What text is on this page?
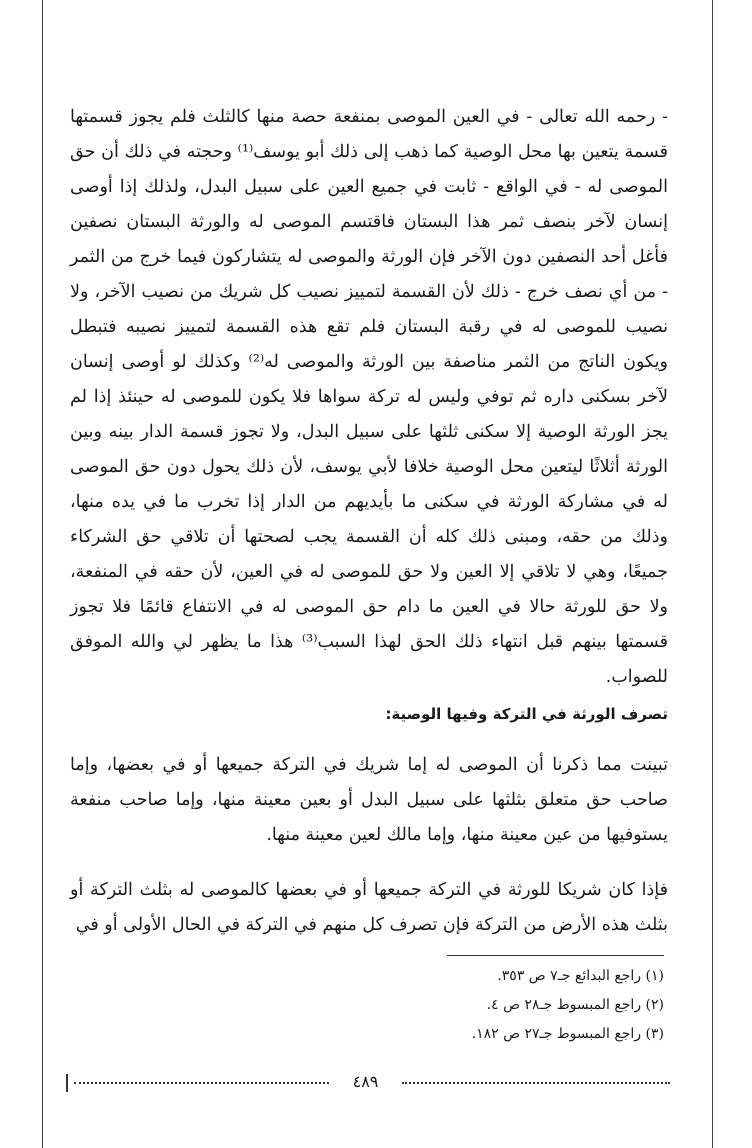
- رحمه الله تعالى - في العين الموصى بمنفعة حصة منها كالثلث فلم يجوز قسمتها قسمة يتعين بها محل الوصية كما ذهب إلى ذلك أبو يوسف⁽¹⁾ وحجته في ذلك أن حق الموصى له - في الواقع - ثابت في جميع العين على سبيل البدل، ولذلك إذا أوصى إنسان لآخر بنصف ثمر هذا البستان فاقتسم الموصى له والورثة البستان نصفين فأغل أحد النصفين دون الآخر فإن الورثة والموصى له يتشاركون فيما خرج من الثمر - من أي نصف خرج - ذلك لأن القسمة لتمييز نصيب كل شريك من نصيب الآخر، ولا نصيب للموصى له في رقبة البستان فلم تقع هذه القسمة لتمييز نصيبه فتبطل ويكون الناتج من الثمر مناصفة بين الورثة والموصى له⁽²⁾ وكذلك لو أوصى إنسان لآخر بسكنى داره ثم توفي وليس له تركة سواها فلا يكون للموصى له حينئذ إذا لم يجز الورثة الوصية إلا سكنى ثلثها على سبيل البدل، ولا تجوز قسمة الدار بينه وبين الورثة أثلاثًا ليتعين محل الوصية خلافا لأبي يوسف، لأن ذلك يحول دون حق الموصى له في مشاركة الورثة في سكنى ما بأيديهم من الدار إذا تخرب ما في يده منها، وذلك من حقه، ومبنى ذلك كله أن القسمة يجب لصحتها أن تلاقي حق الشركاء جميعًا، وهي لا تلاقي إلا العين ولا حق للموصى له في العين، لأن حقه في المنفعة، ولا حق للورثة حالا في العين ما دام حق الموصى له في الانتفاع قائمًا فلا تجوز قسمتها بينهم قبل انتهاء ذلك الحق لهذا السبب⁽³⁾ هذا ما يظهر لي والله الموفق للصواب.

تصرف الورثة في التركة وفيها الوصية:

تبينت مما ذكرنا أن الموصى له إما شريك في التركة جميعها أو في بعضها، وإما صاحب حق متعلق بثلثها على سبيل البدل أو بعين معينة منها، وإما صاحب منفعة يستوفيها من عين معينة منها، وإما مالك لعين معينة منها.

فإذا كان شريكا للورثة في التركة جميعها أو في بعضها كالموصى له بثلث التركة أو بثلث هذه الأرض من التركة فإن تصرف كل منهم في التركة في الحال الأولى أو في

(١) راجع البدائع جـ٧ ص ٣٥٣.
(٢) راجع المبسوط جـ٢٨ ص ٤.
(٣) راجع المبسوط جـ٢٧ ص ١٨٢.
٤٨٩
